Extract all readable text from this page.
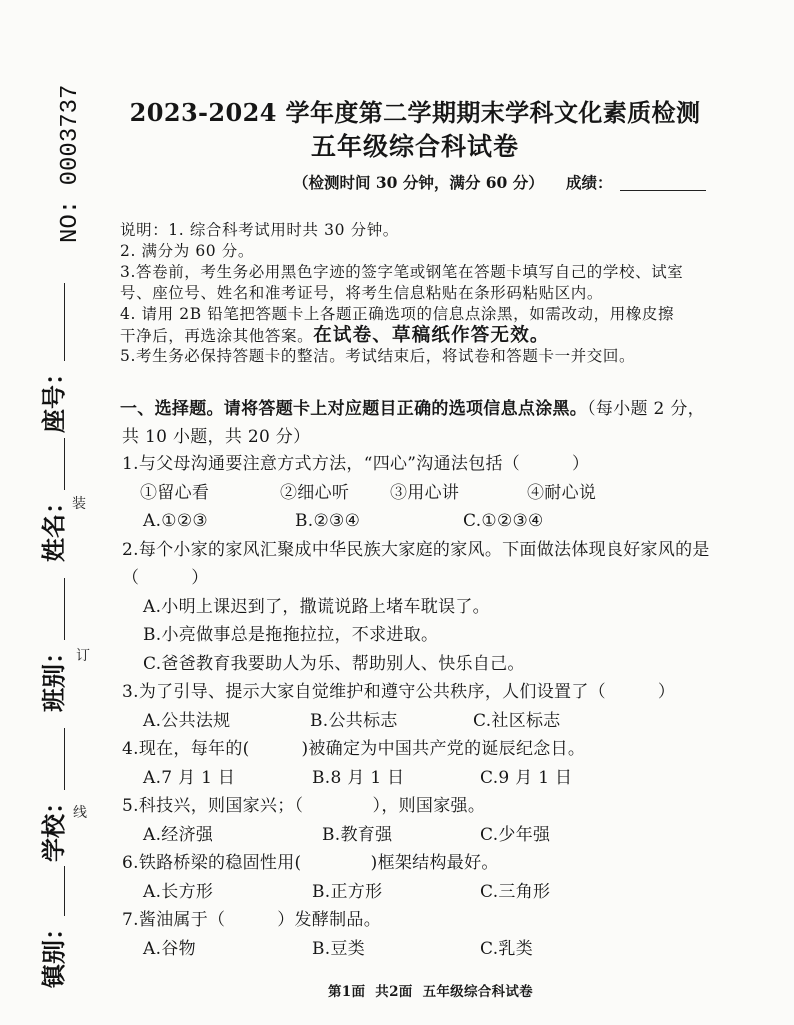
NO: 0003737
座号：
姓名：
班别：
学校：
镇别：
装
订
线
2023-2024 学年度第二学期期末学科文化素质检测
五年级综合科试卷
（检测时间 30 分钟，满分 60 分） 成绩：
说明：1. 综合科考试用时共 30 分钟。
2. 满分为 60 分。
3.答卷前，考生务必用黑色字迹的签字笔或钢笔在答题卡填写自己的学校、试室
号、座位号、姓名和准考证号，将考生信息粘贴在条形码粘贴区内。
4. 请用 2B 铅笔把答题卡上各题正确选项的信息点涂黑，如需改动，用橡皮擦
干净后，再选涂其他答案。在试卷、草稿纸作答无效。
5.考生务必保持答题卡的整洁。考试结束后，将试卷和答题卡一并交回。
一、选择题。请将答题卡上对应题目正确的选项信息点涂黑。（每小题 2 分，
共 10 小题，共 20 分）
1.与父母沟通要注意方式方法，“四心”沟通法包括（　　　）
①留心看	②细心听 ③用心讲	④耐心说
A.①②③	B.②③④	C.①②③④
2.每个小家的家风汇聚成中华民族大家庭的家风。下面做法体现良好家风的是
（　　　）
A.小明上课迟到了，撒谎说路上堵车耽误了。
B.小亮做事总是拖拖拉拉，不求进取。
C.爸爸教育我要助人为乐、帮助别人、快乐自己。
3.为了引导、提示大家自觉维护和遵守公共秩序，人们设置了（　　　）
A.公共法规	B.公共标志	C.社区标志
4.现在，每年的(　　　)被确定为中国共产党的诞辰纪念日。
A.7 月 1 日	B.8 月 1 日	C.9 月 1 日
5.科技兴，则国家兴；（　　　　），则国家强。
A.经济强	B.教育强	C.少年强
6.铁路桥梁的稳固性用(　　　　)框架结构最好。
A.长方形	B.正方形	C.三角形
7.酱油属于（　　　）发酵制品。
A.谷物	B.豆类	C.乳类
第1面  共2面  五年级综合科试卷
